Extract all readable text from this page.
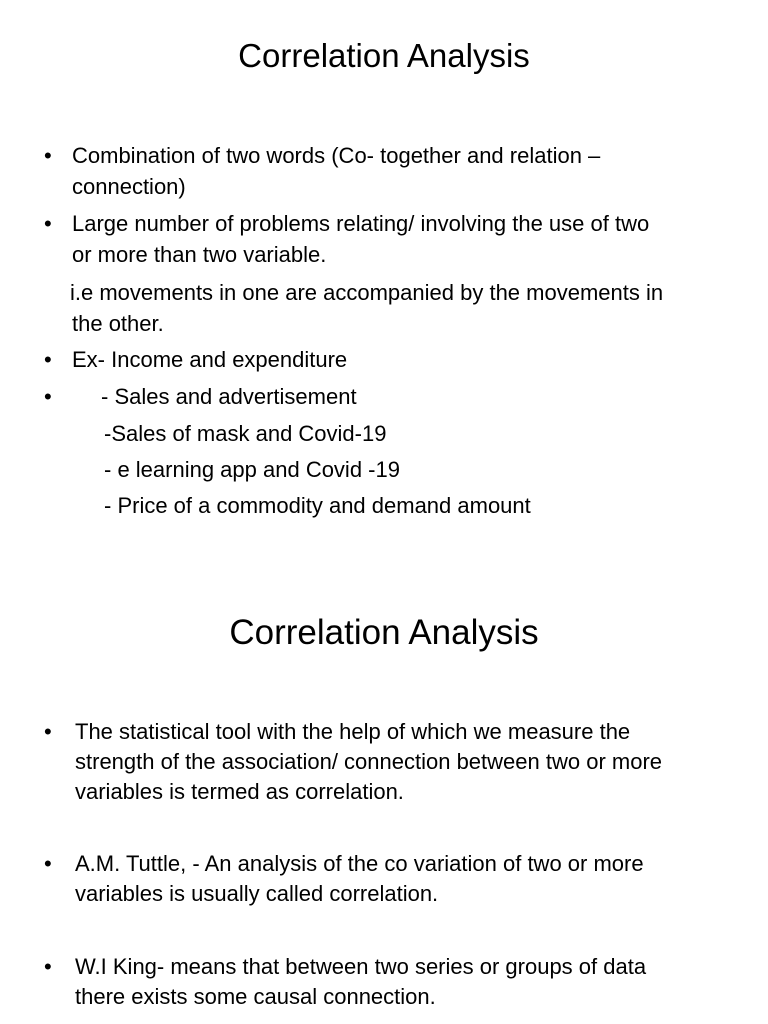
Correlation Analysis
• Combination of two words (Co- together and relation –
connection)
• Large number of problems relating/ involving the use of two
or more than two variable.
i.e movements in one are accompanied by the movements in
the other.
• Ex- Income and expenditure
• - Sales and advertisement
-Sales of mask and Covid-19
- e learning app and Covid -19
- Price of a commodity and demand amount
Correlation Analysis
• The statistical tool with the help of which we measure the
strength of the association/ connection between two or more
variables is termed as correlation.
• A.M. Tuttle, - An analysis of the co variation of two or more
variables is usually called correlation.
• W.I King- means that between two series or groups of data
there exists some causal connection.
